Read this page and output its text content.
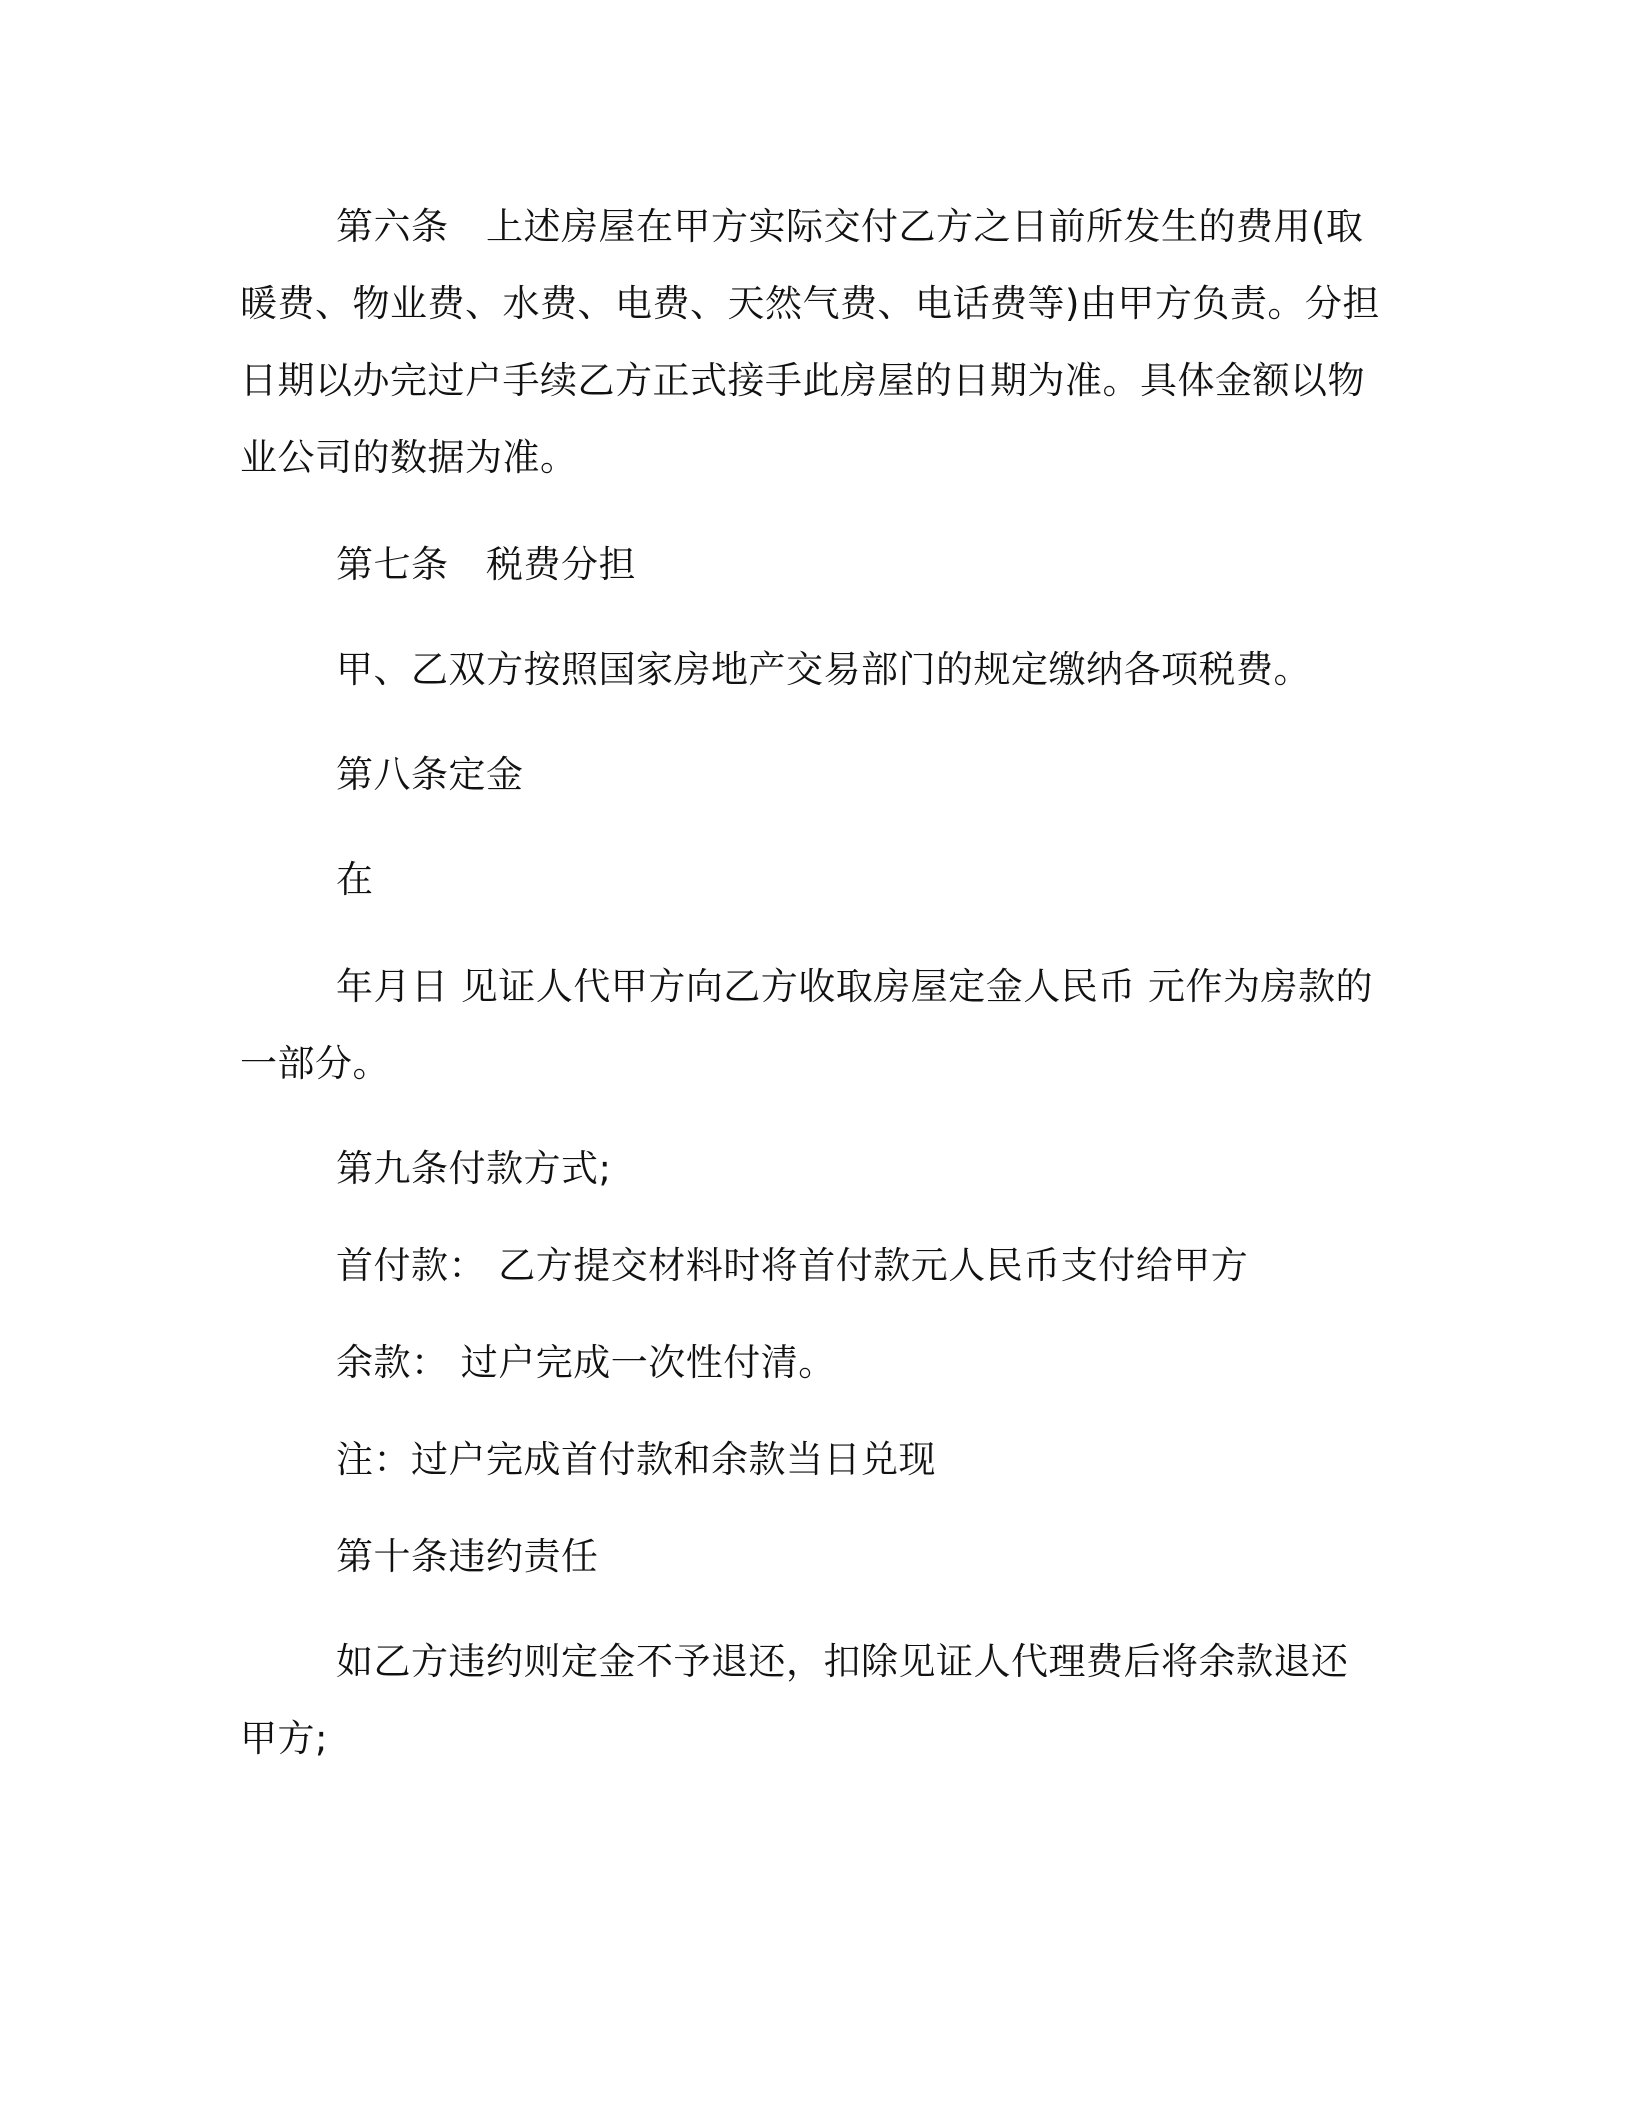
第六条　上述房屋在甲方实际交付乙方之日前所发生的费用(取暖费、物业费、水费、电费、天然气费、电话费等)由甲方负责。分担日期以办完过户手续乙方正式接手此房屋的日期为准。具体金额以物业公司的数据为准。

第七条　税费分担

甲、乙双方按照国家房地产交易部门的规定缴纳各项税费。

第八条定金

在

年月日 见证人代甲方向乙方收取房屋定金人民币 元作为房款的一部分。

第九条付款方式;

首付款： 乙方提交材料时将首付款元人民币支付给甲方

余款： 过户完成一次性付清。

注：过户完成首付款和余款当日兑现

第十条违约责任

如乙方违约则定金不予退还，扣除见证人代理费后将余款退还甲方;
